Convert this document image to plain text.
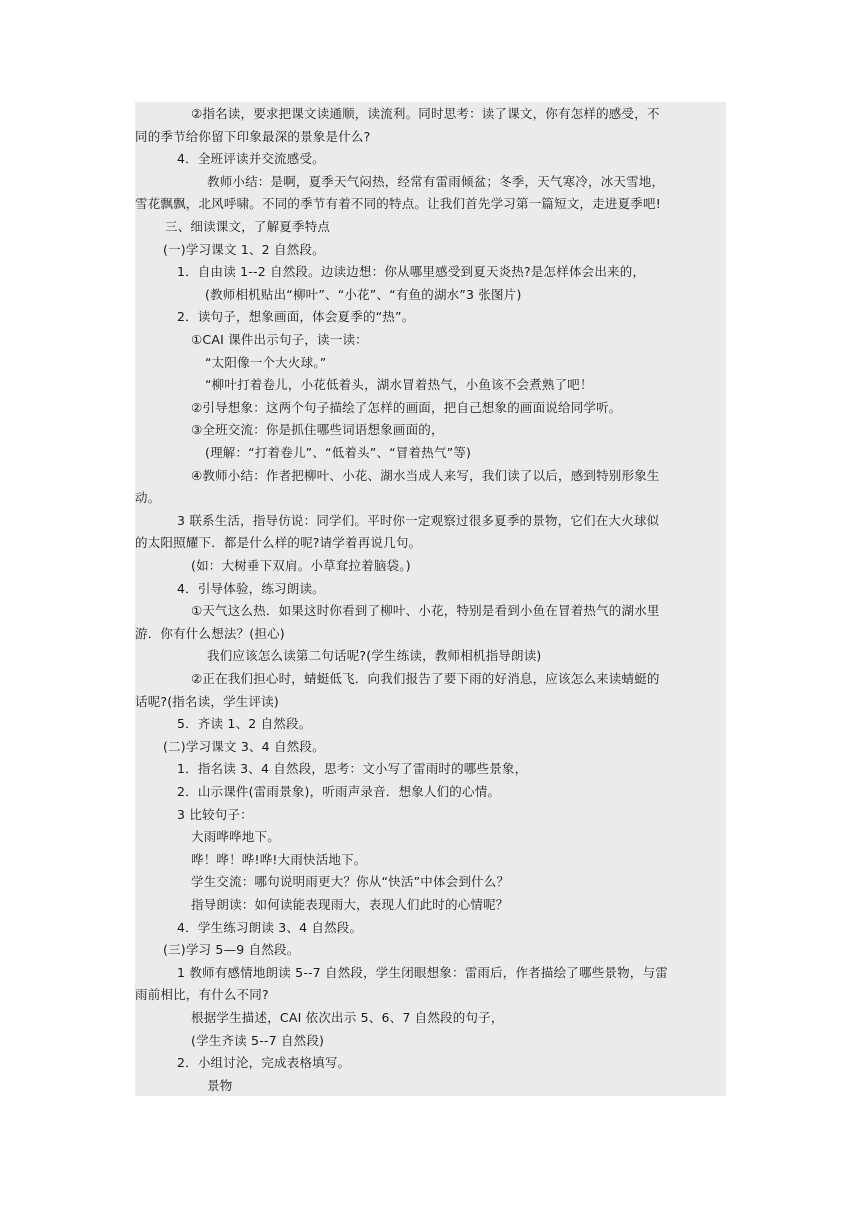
②指名读，要求把课文读通顺，读流利。同时思考：读了课文，你有怎样的感受，不
同的季节给你留下印象最深的景象是什么?
4．全班评读并交流感受。
教师小结：是啊，夏季天气闷热，经常有雷雨倾盆；冬季，天气寒冷，冰天雪地，
雪花飘飘，北风呼啸。不同的季节有着不同的特点。让我们首先学习第一篇短文，走进夏季吧!
三、细读课文，了解夏季特点
(一)学习课文 1、2 自然段。
1．自由读 1--2 自然段。边读边想：你从哪里感受到夏天炎热?是怎样体会出来的，
(教师相机贴出“柳叶”、“小花”、“有鱼的湖水”3 张图片)
2．读句子，想象画面，体会夏季的“热”。
①CAI 课件出示句子，读一读：
“太阳像一个大火球。”
“柳叶打着卷儿，小花低着头，湖水冒着热气，小鱼该不会煮熟了吧！
②引导想象：这两个句子描绘了怎样的画面，把自己想象的画面说给同学听。
③全班交流：你是抓住哪些词语想象画面的，
(理解：“打着卷儿”、“低着头”、“冒着热气”等)
④教师小结：作者把柳叶、小花、湖水当成人来写，我们读了以后，感到特别形象生
动。
3 联系生活，指导仿说：同学们。平时你一定观察过很多夏季的景物，它们在大火球似
的太阳照耀下．都是什么样的呢?请学着再说几句。
(如：大树垂下双肩。小草耷拉着脑袋。)
4．引导体验，练习朗读。
①天气这么热．如果这时你看到了柳叶、小花，特别是看到小鱼在冒着热气的湖水里
游．你有什么想法？(担心)
我们应该怎么读第二句话呢?(学生练读，教师相机指导朗读)
②正在我们担心时，蜻蜓低飞．向我们报告了要下雨的好消息，应该怎么来读蜻蜓的
话呢?(指名读，学生评读)
5．齐读 1、2 自然段。
(二)学习课文 3、4 自然段。
1．指名读 3、4 自然段，思考：文小写了雷雨时的哪些景象，
2．山示课件(雷雨景象)，听雨声录音．想象人们的心情。
3 比较句子：
大雨哗哗地下。
哗！哗！哗!哗!大雨快活地下。
学生交流：哪句说明雨更大？你从“快活”中体会到什么？
指导朗读：如何读能表现雨大，表现人们此时的心情呢？
4．学生练习朗读 3、4 自然段。
(三)学习 5—9 自然段。
1 教师有感情地朗读 5--7 自然段，学生闭眼想象：雷雨后，作者描绘了哪些景物，与雷
雨前相比，有什么不同?
根据学生描述，CAI 依次出示 5、6、7 自然段的句子，
(学生齐读 5--7 自然段)
2．小组讨沦，完成表格填写。
景物
